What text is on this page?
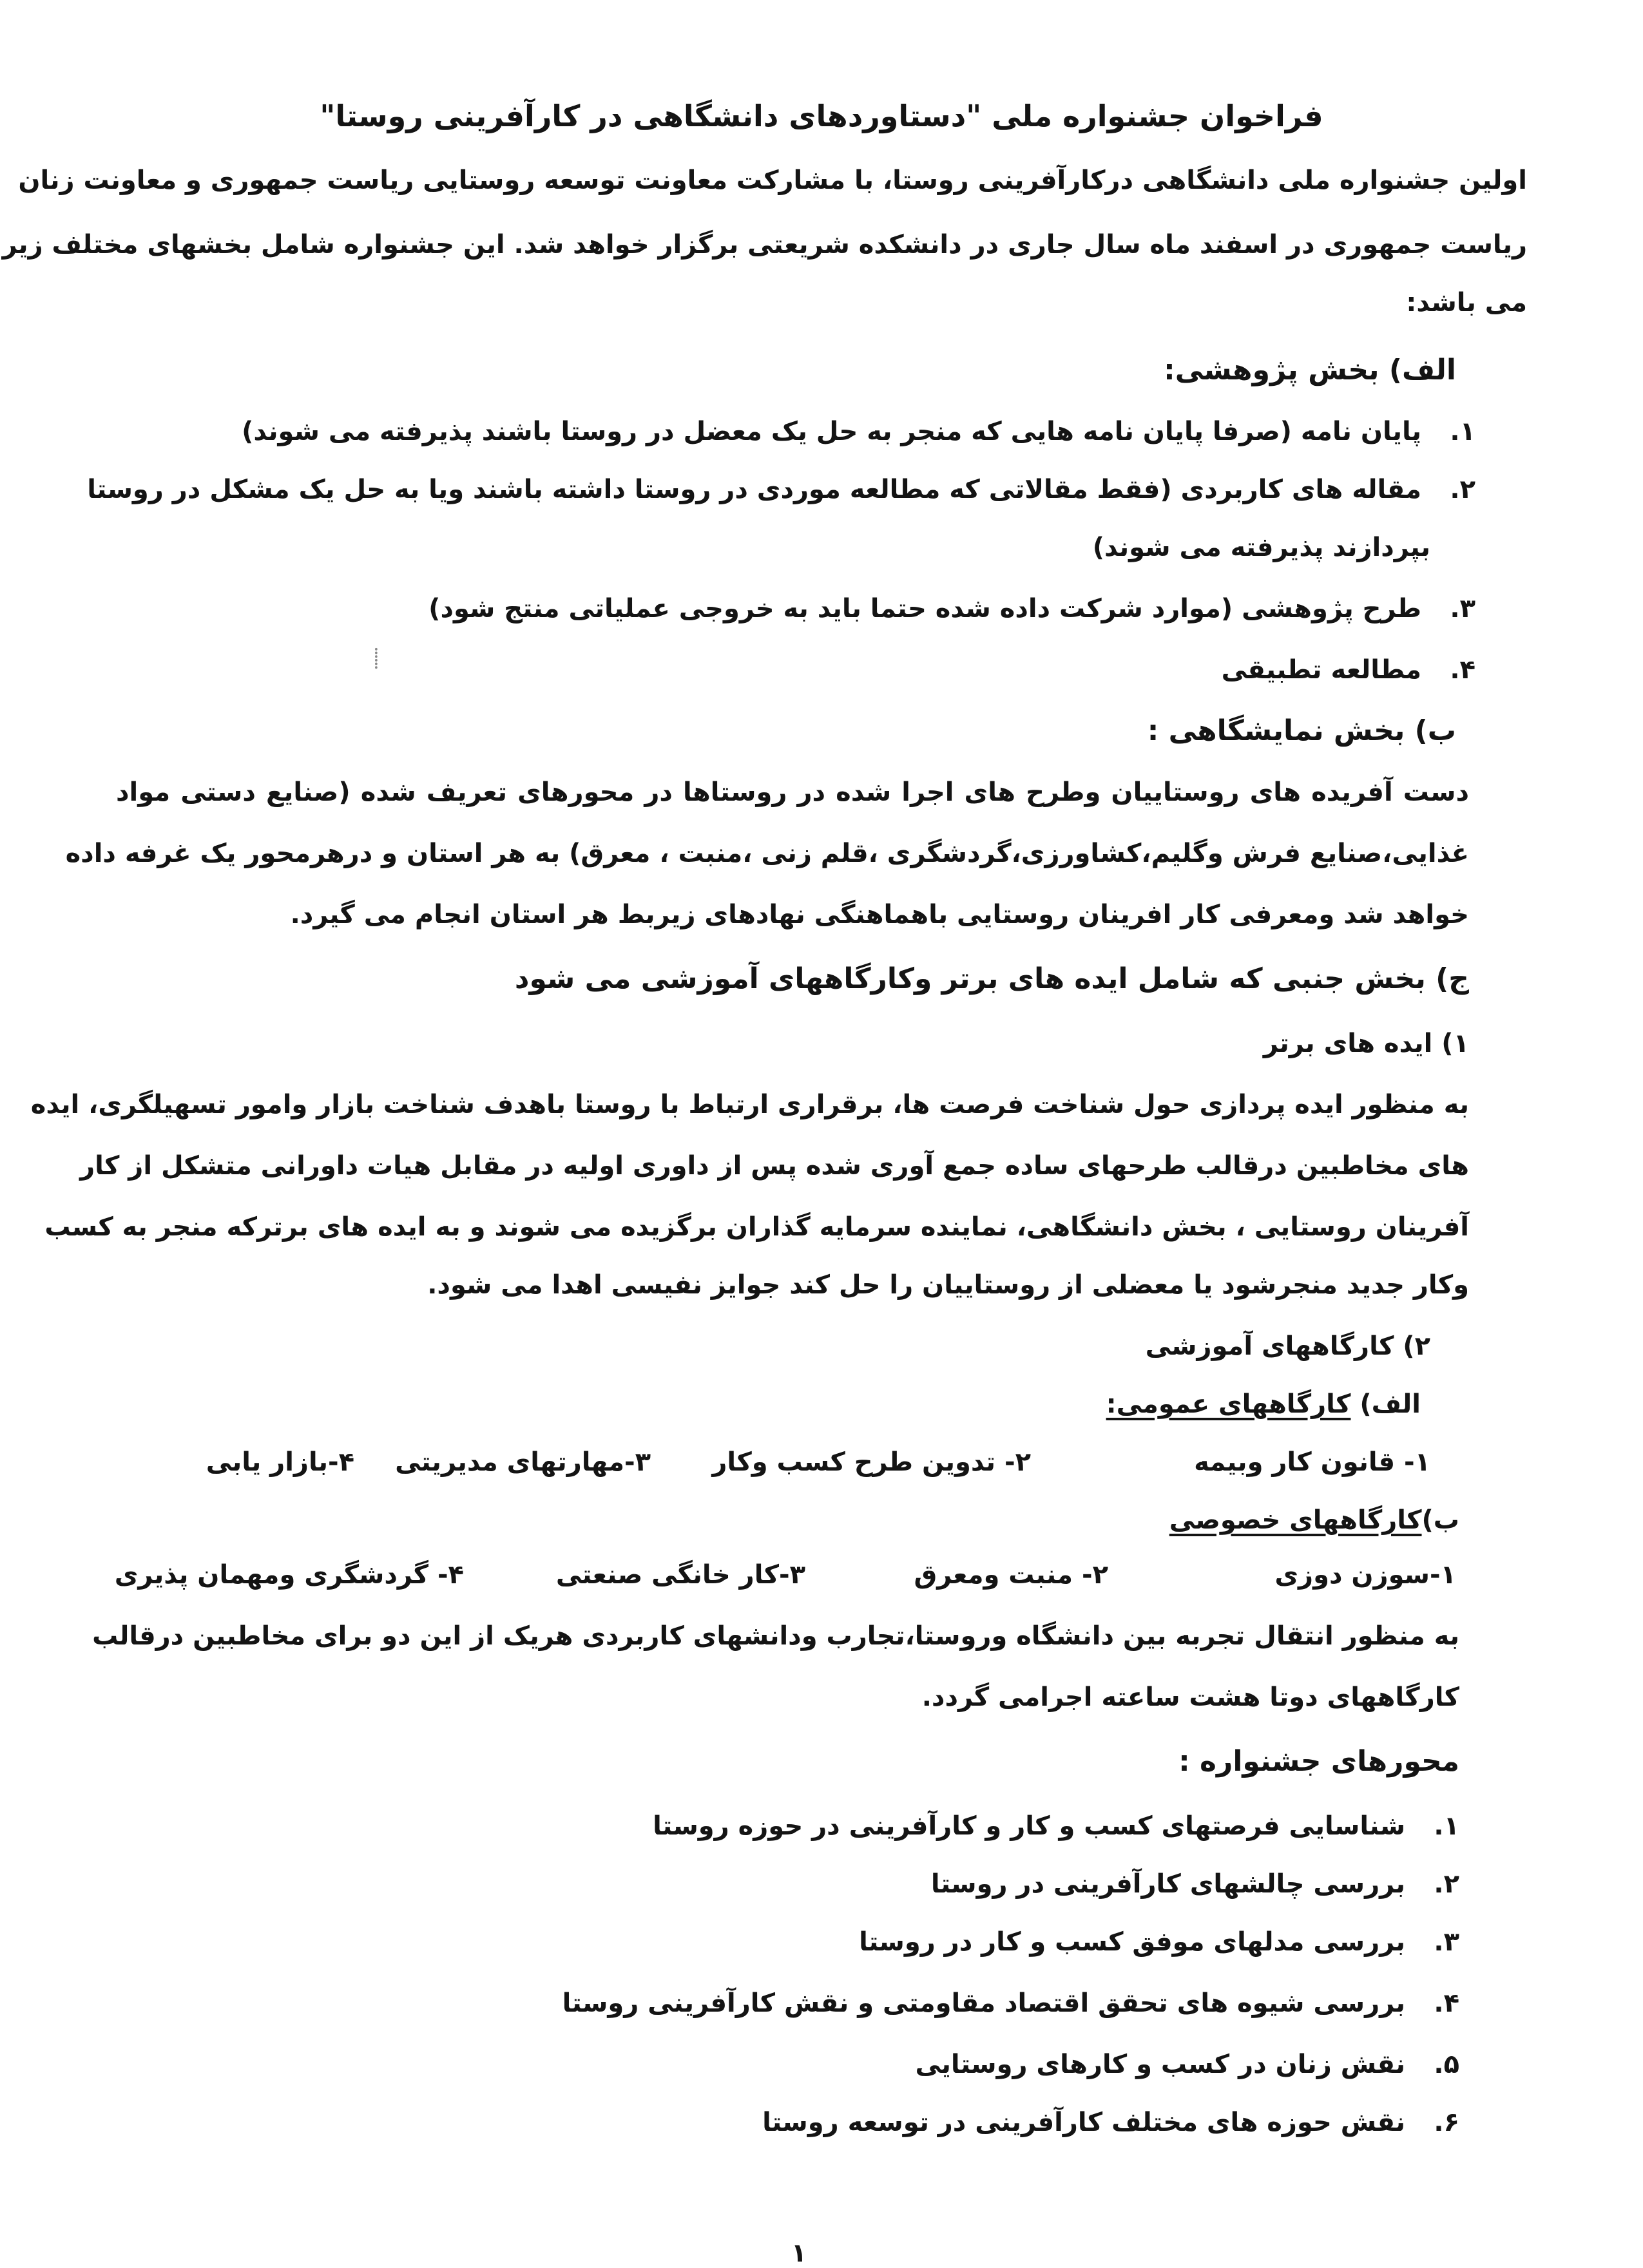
فراخوان جشنواره ملی "دستاوردهای دانشگاهی در کارآفرینی روستا"
اولین جشنواره ملی دانشگاهی درکارآفرینی روستا، با مشارکت معاونت توسعه روستایی ریاست جمهوری و معاونت زنان
ریاست جمهوری در اسفند ماه سال جاری در دانشکده شریعتی برگزار خواهد شد. این جشنواره شامل بخشهای مختلف زیر
می باشد:
الف) بخش پژوهشی:
۱. پایان نامه (صرفا پایان نامه هایی که منجر به حل یک معضل در روستا باشند پذیرفته می شوند)
۲. مقاله های کاربردی (فقط مقالاتی که مطالعه موردی در روستا داشته باشند ویا به حل یک مشکل در روستا
بپردازند پذیرفته می شوند)
۳. طرح پژوهشی (موارد شرکت داده شده حتما باید به خروجی عملیاتی منتج شود)
۴. مطالعه تطبیقی
ب) بخش نمایشگاهی :
دست آفریده های روستاییان وطرح های اجرا شده در روستاها در محورهای تعریف شده (صنایع دستی مواد
غذایی،صنایع فرش وگلیم،کشاورزی،گردشگری ،قلم زنی ،منبت ، معرق) به هر استان و درهرمحور یک غرفه داده
خواهد شد ومعرفی کار افرینان روستایی باهماهنگی نهادهای زیربط هر استان انجام می گیرد.
ج) بخش جنبی که شامل ایده های برتر وکارگاههای آموزشی می شود
۱) ایده های برتر
به منظور ایده پردازی حول شناخت فرصت ها، برقراری ارتباط با روستا باهدف شناخت بازار وامور تسهیلگری، ایده
های مخاطبین درقالب طرحهای ساده جمع آوری شده پس از داوری اولیه در مقابل هیات داورانی متشکل از کار
آفرینان روستایی ، بخش دانشگاهی، نماینده سرمایه گذاران برگزیده می شوند و به ایده های برترکه منجر به کسب
وکار جدید منجرشود یا معضلی از روستاییان را حل کند جوایز نفیسی اهدا می شود.
۲) کارگاههای آموزشی
الف) کارگاههای عمومی:
۱- قانون کار وبیمه
۲- تدوین طرح کسب وکار
۳-مهارتهای مدیریتی
۴-بازار یابی
ب)کارگاههای خصوصی
۱-سوزن دوزی
۲- منبت ومعرق
۳-کار خانگی صنعتی
۴- گردشگری ومهمان پذیری
به منظور انتقال تجربه بین دانشگاه وروستا،تجارب ودانشهای کاربردی هریک از این دو برای مخاطبین درقالب
کارگاههای دوتا هشت ساعته اجرامی گردد.
محورهای جشنواره :
۱. شناسایی فرصتهای کسب و کار و کارآفرینی در حوزه روستا
۲. بررسی چالشهای کارآفرینی در روستا
۳. بررسی مدلهای موفق کسب و کار در روستا
۴. بررسی شیوه های تحقق اقتصاد مقاومتی و نقش کارآفرینی روستا
۵. نقش زنان در کسب و کارهای روستایی
۶. نقش حوزه های مختلف کارآفرینی در توسعه روستا
۱
⸽
